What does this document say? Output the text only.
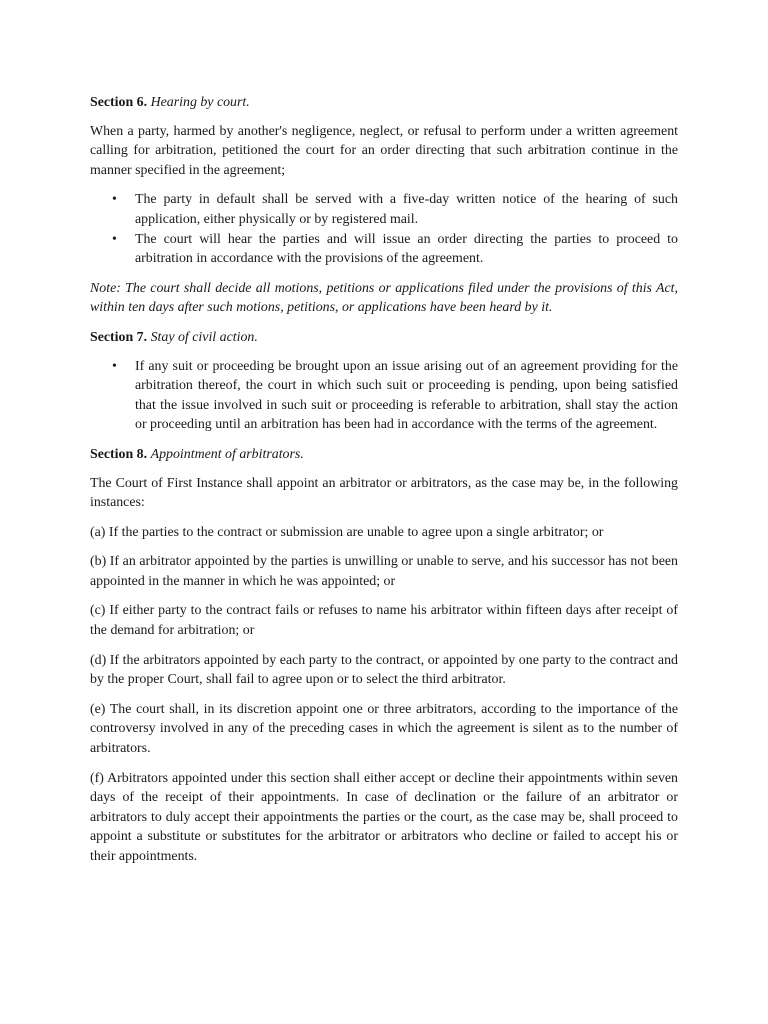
Section 6. Hearing by court.

When a party, harmed by another's negligence, neglect, or refusal to perform under a written agreement calling for arbitration, petitioned the court for an order directing that such arbitration continue in the manner specified in the agreement;

• The party in default shall be served with a five-day written notice of the hearing of such application, either physically or by registered mail.
• The court will hear the parties and will issue an order directing the parties to proceed to arbitration in accordance with the provisions of the agreement.

Note: The court shall decide all motions, petitions or applications filed under the provisions of this Act, within ten days after such motions, petitions, or applications have been heard by it.

Section 7. Stay of civil action.

• If any suit or proceeding be brought upon an issue arising out of an agreement providing for the arbitration thereof, the court in which such suit or proceeding is pending, upon being satisfied that the issue involved in such suit or proceeding is referable to arbitration, shall stay the action or proceeding until an arbitration has been had in accordance with the terms of the agreement.

Section 8. Appointment of arbitrators.

The Court of First Instance shall appoint an arbitrator or arbitrators, as the case may be, in the following instances:

(a) If the parties to the contract or submission are unable to agree upon a single arbitrator; or

(b) If an arbitrator appointed by the parties is unwilling or unable to serve, and his successor has not been appointed in the manner in which he was appointed; or

(c) If either party to the contract fails or refuses to name his arbitrator within fifteen days after receipt of the demand for arbitration; or

(d) If the arbitrators appointed by each party to the contract, or appointed by one party to the contract and by the proper Court, shall fail to agree upon or to select the third arbitrator.

(e) The court shall, in its discretion appoint one or three arbitrators, according to the importance of the controversy involved in any of the preceding cases in which the agreement is silent as to the number of arbitrators.

(f) Arbitrators appointed under this section shall either accept or decline their appointments within seven days of the receipt of their appointments. In case of declination or the failure of an arbitrator or arbitrators to duly accept their appointments the parties or the court, as the case may be, shall proceed to appoint a substitute or substitutes for the arbitrator or arbitrators who decline or failed to accept his or their appointments.
